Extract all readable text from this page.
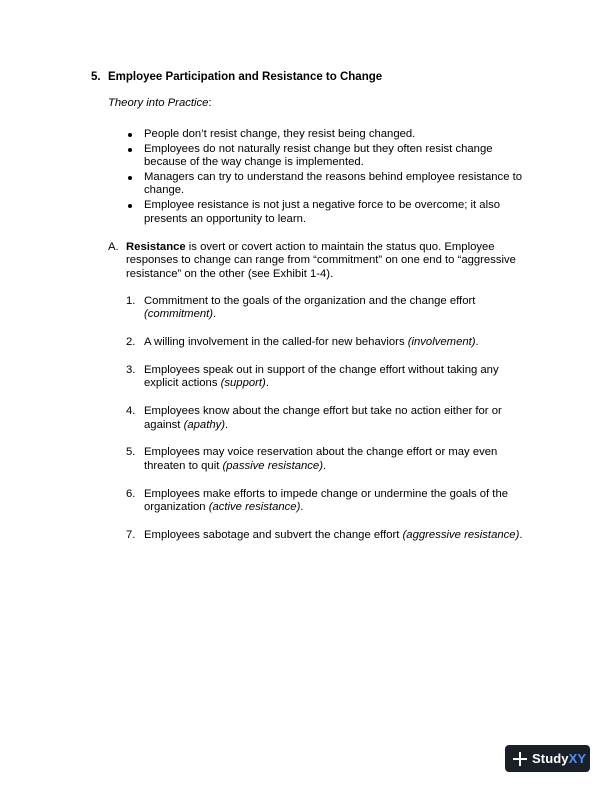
5. Employee Participation and Resistance to Change
Theory into Practice:
People don’t resist change, they resist being changed.
Employees do not naturally resist change but they often resist change because of the way change is implemented.
Managers can try to understand the reasons behind employee resistance to change.
Employee resistance is not just a negative force to be overcome; it also presents an opportunity to learn.
A. Resistance is overt or covert action to maintain the status quo. Employee responses to change can range from “commitment” on one end to “aggressive resistance” on the other (see Exhibit 1-4).
1. Commitment to the goals of the organization and the change effort (commitment).
2. A willing involvement in the called-for new behaviors (involvement).
3. Employees speak out in support of the change effort without taking any explicit actions (support).
4. Employees know about the change effort but take no action either for or against (apathy).
5. Employees may voice reservation about the change effort or may even threaten to quit (passive resistance).
6. Employees make efforts to impede change or undermine the goals of the organization (active resistance).
7. Employees sabotage and subvert the change effort (aggressive resistance).
StudyXY
